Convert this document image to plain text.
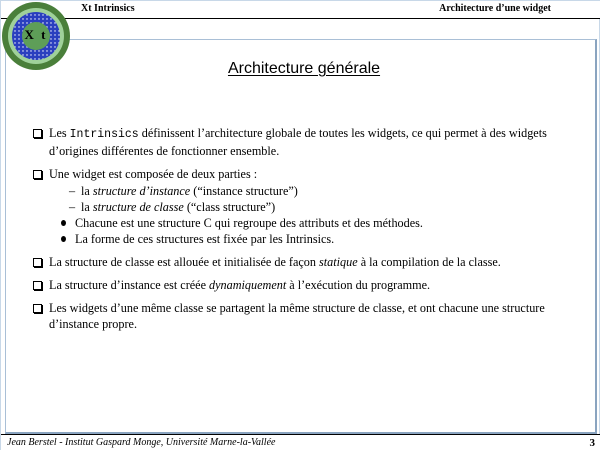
Xt Intrinsics	Architecture d’une widget
Architecture générale
X t
Les Intrinsics définissent l’architecture globale de toutes les widgets, ce qui permet à des widgets d’origines différentes de fonctionner ensemble.
Une widget est composée de deux parties :
– la structure d’instance (“instance structure”)
– la structure de classe (“class structure”)
Chacune est une structure C qui regroupe des attributs et des méthodes.
La forme de ces structures est fixée par les Intrinsics.
La structure de classe est allouée et initialisée de façon statique à la compilation de la classe.
La structure d’instance est créée dynamiquement à l’exécution du programme.
Les widgets d’une même classe se partagent la même structure de classe, et ont chacune une structure d’instance propre.
Jean Berstel - Institut Gaspard Monge, Université Marne-la-Vallée	3
